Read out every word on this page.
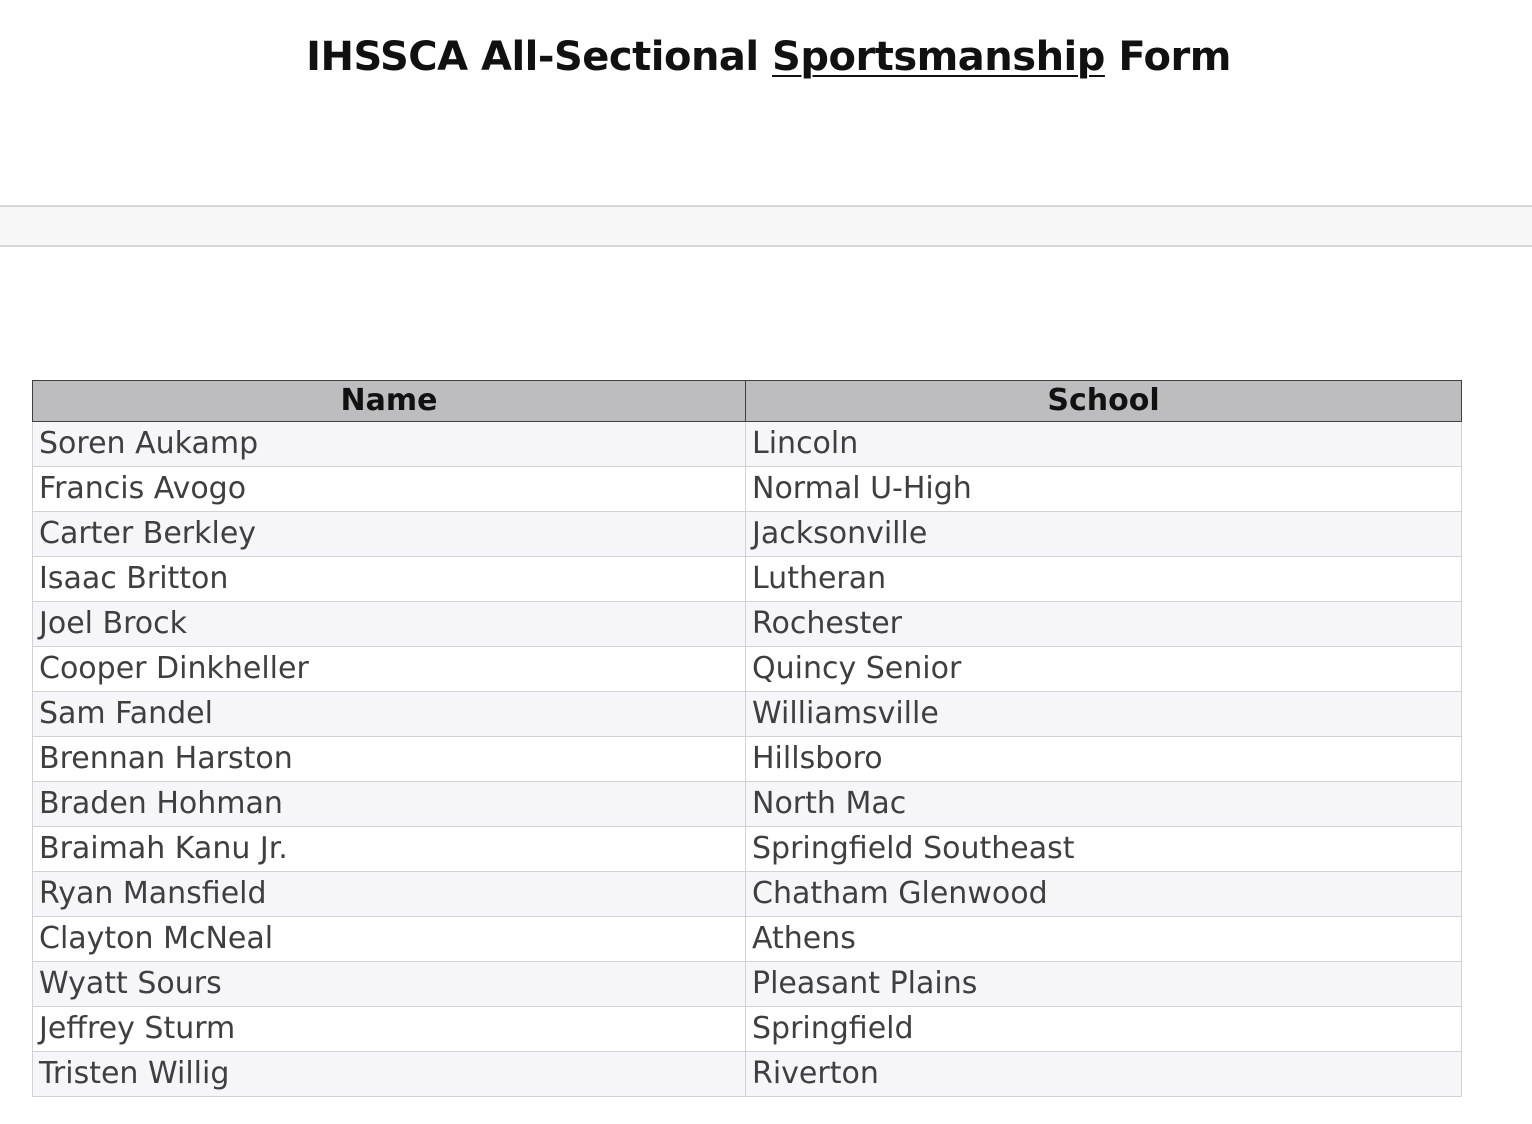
IHSSCA All-Sectional Sportsmanship Form
Name	School
Soren Aukamp	Lincoln
Francis Avogo	Normal U-High
Carter Berkley	Jacksonville
Isaac Britton	Lutheran
Joel Brock	Rochester
Cooper Dinkheller	Quincy Senior
Sam Fandel	Williamsville
Brennan Harston	Hillsboro
Braden Hohman	North Mac
Braimah Kanu Jr.	Springfield Southeast
Ryan Mansfield	Chatham Glenwood
Clayton McNeal	Athens
Wyatt Sours	Pleasant Plains
Jeffrey Sturm	Springfield
Tristen Willig	Riverton
